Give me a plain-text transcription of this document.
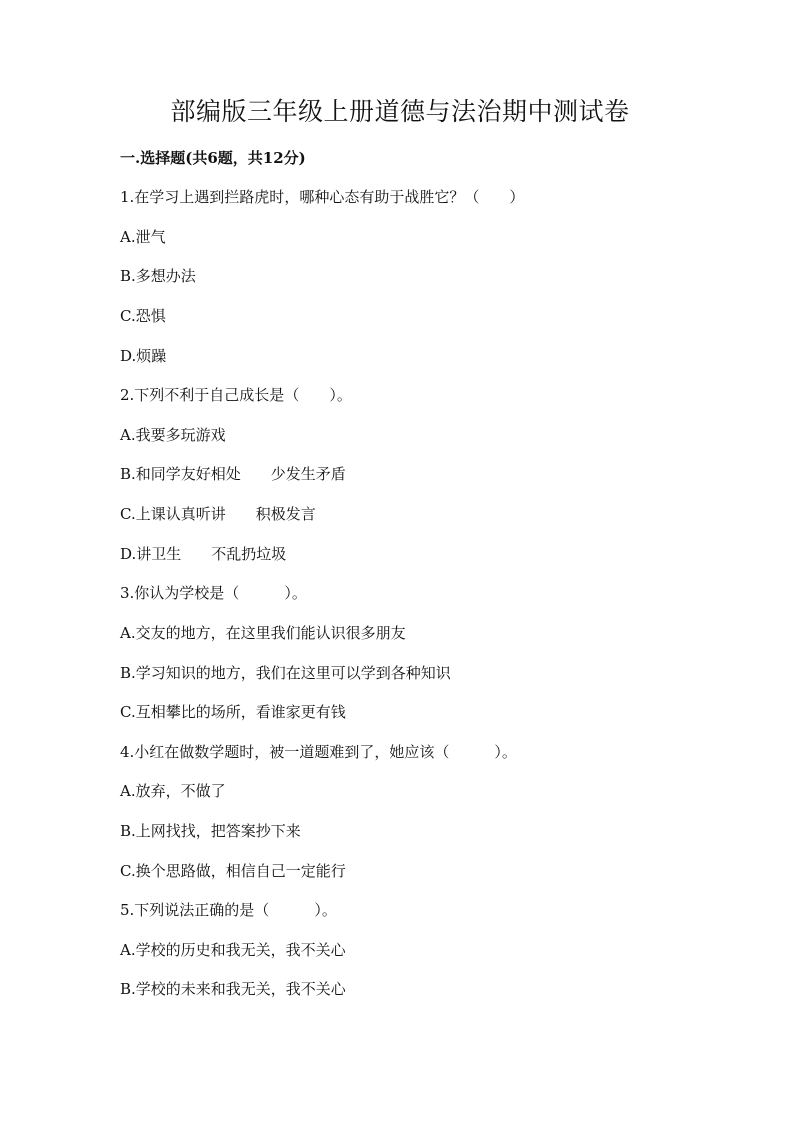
部编版三年级上册道德与法治期中测试卷
一.选择题(共6题，共12分)
1.在学习上遇到拦路虎时，哪种心态有助于战胜它？（　　）
A.泄气
B.多想办法
C.恐惧
D.烦躁
2.下列不利于自己成长是（　　）。
A.我要多玩游戏
B.和同学友好相处　　少发生矛盾
C.上课认真听讲　　积极发言
D.讲卫生　　不乱扔垃圾
3.你认为学校是（　　　）。
A.交友的地方，在这里我们能认识很多朋友
B.学习知识的地方，我们在这里可以学到各种知识
C.互相攀比的场所，看谁家更有钱
4.小红在做数学题时，被一道题难到了，她应该（　　　）。
A.放弃，不做了
B.上网找找，把答案抄下来
C.换个思路做，相信自己一定能行
5.下列说法正确的是（　　　）。
A.学校的历史和我无关，我不关心
B.学校的未来和我无关，我不关心
